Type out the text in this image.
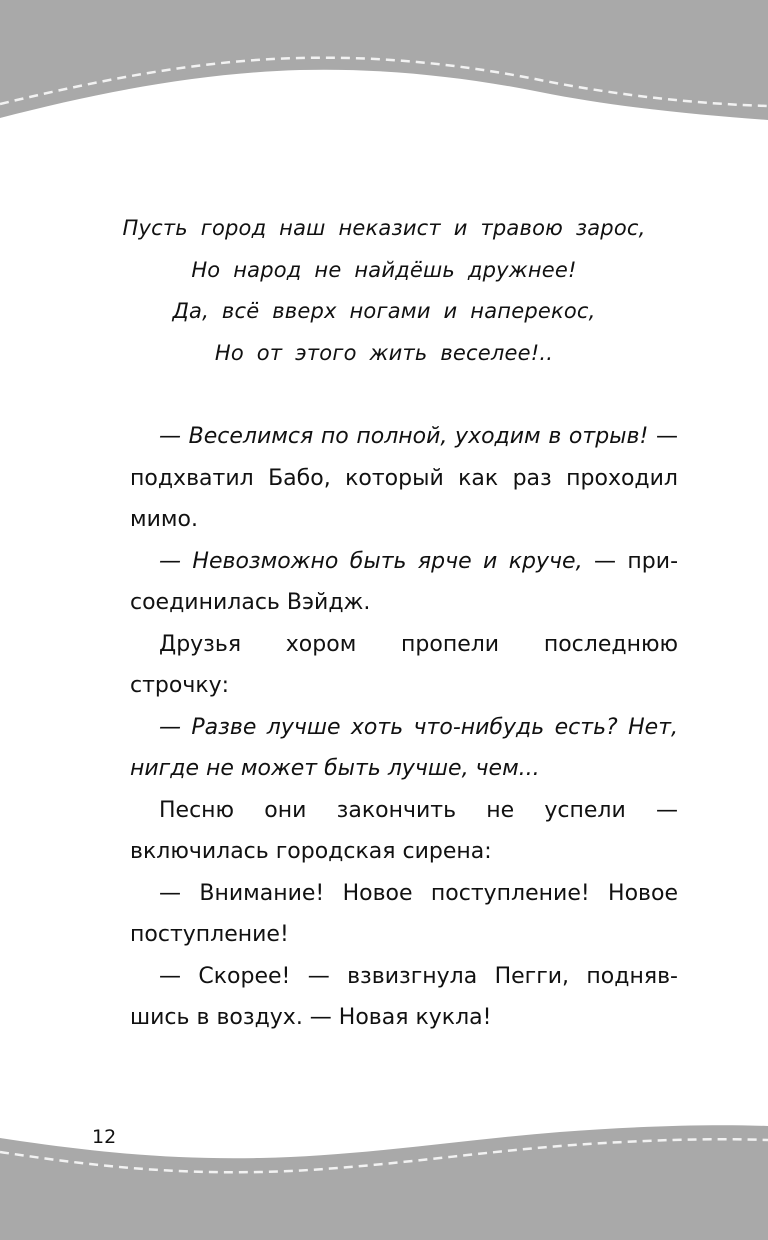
Пусть город наш неказист и травою зарос,
Но народ не найдёшь дружнее!
Да, всё вверх ногами и наперекос,
Но от этого жить веселее!..
— Веселимся по полной, уходим в отрыв! —
подхватил Бабо, который как раз проходил
мимо.
— Невозможно быть ярче и круче, — при-
соединилась Вэйдж.
Друзья хором пропели последнюю
строчку:
— Разве лучше хоть что-нибудь есть? Нет,
нигде не может быть лучше, чем...
Песню они закончить не успели —
включилась городская сирена:
— Внимание! Новое поступление! Новое
поступление!
— Скорее! — взвизгнула Пегги, подняв-
шись в воздух. — Новая кукла!
12
